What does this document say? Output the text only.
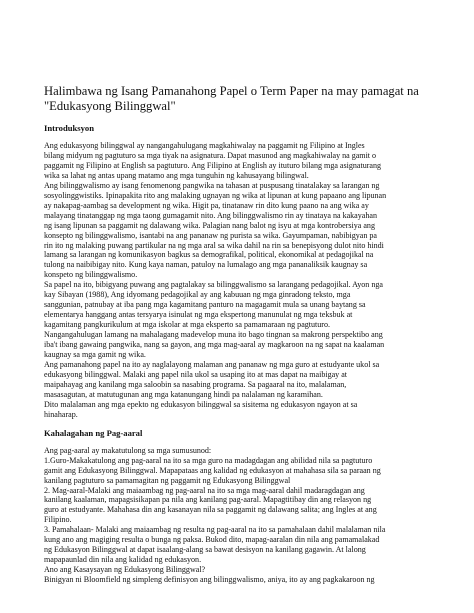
Halimbawa ng Isang Pamanahong Papel o Term Paper na may pamagat na "Edukasyong Bilinggwal"
Introduksyon

Ang edukasyong bilinggwal ay nangangahulugang magkahiwalay na paggamit ng Filipino at Ingles
bilang midyum ng pagtuturo sa mga tiyak na asignatura. Dapat masunod ang magkahiwalay na gamit o
paggamit ng Filipino at English sa pagtuturo. Ang Filipino at English ay ituturo bilang mga asignaturang
wika sa lahat ng antas upang matamo ang mga tunguhin ng kahusayang bilingwal.
Ang bilinggwalismo ay isang fenomenong pangwika na tahasan at puspusang tinatalakay sa larangan ng
sosyolinggwistiks. Ipinapakita rito ang malaking ugnayan ng wika at lipunan at kung papaano ang lipunan
ay nakapag-aambag sa development ng wika. Higit pa, tinatanaw rin dito kung paano na ang wika ay
malayang tinatanggap ng mga taong gumagamit nito. Ang bilinggwalismo rin ay tinataya na kakayahan
ng isang lipunan sa paggamit ng dalawang wika. Palagian nang balot ng isyu at mga kontrobersiya ang
konsepto ng bilinggwalismo, isantabi na ang pananaw ng purista sa wika. Gayumpaman, nabibigyan pa
rin ito ng malaking puwang partikular na ng mga aral sa wika dahil na rin sa benepisyong dulot nito hindi
lamang sa larangan ng komunikasyon bagkus sa demografikal, political, ekonomikal at pedagojikal na
tulong na naibibigay nito. Kung kaya naman, patuloy na lumalago ang mga pananaliksik kaugnay sa
konspeto ng bilinggwalismo.
Sa papel na ito, bibigyang puwang ang pagtalakay sa bilinggwalismo sa larangang pedagojikal. Ayon nga
kay Sibayan (1988), Ang idyomang pedagojikal ay ang kabuuan ng mga ginradong teksto, mga
sanggunian, patnubay at iba pang mga kagamitang panturo na magagamit mula sa unang baytang sa
elementarya hanggang antas tersyarya isinulat ng mga ekspertong manunulat ng mga teksbuk at
kagamitang pangkurikulum at mga iskolar at mga eksperto sa pamamaraan ng pagtuturo.
Nangangahulugan lamang na mahalagang madevelop muna ito bago tingnan sa makrong perspektibo ang
iba't ibang gawaing pangwika, nang sa gayon, ang mga mag-aaral ay magkaroon na ng sapat na kaalaman
kaugnay sa mga gamit ng wika.
Ang pamanahong papel na ito ay naglalayong malaman ang pananaw ng mga guro at estudyante ukol sa
edukasyong bilinggwal. Malaki ang papel nila ukol sa usaping ito at mas dapat na maibigay at
maipahayag ang kanilang mga saloobin sa nasabing programa. Sa pagaaral na ito, malalaman,
masasagutan, at matutugunan ang mga katanungang hindi pa nalalaman ng karamihan.
Dito malalaman ang mga epekto ng edukasyon bilinggwal sa sisitema ng edukasyon ngayon at sa
hinaharap.

Kahalagahan ng Pag-aaral

Ang pag-aaral ay makatutulong sa mga sumusunod:
1.Guro-Makakatulong ang pag-aaral na ito sa mga guro na madagdagan ang abilidad nila sa pagtuturo
gamit ang Edukasyong Bilinggwal. Mapapataas ang kalidad ng edukasyon at mahahasa sila sa paraan ng
kanilang pagtuturo sa pamamagitan ng paggamit ng Edukasyong Bilinggwal
2. Mag-aaral-Malaki ang maiaambag ng pag-aaral na ito sa mga mag-aaral dahil madaragdagan ang
kanilang kaalaman, mapagsisikapan pa nila ang kanilang pag-aaral. Mapagtitibay din ang relasyon ng
guro at estudyante. Mahahasa din ang kasanayan nila sa paggamit ng dalawang salita; ang Ingles at ang
Filipino.
3. Pamahalaan- Malaki ang maiaambag ng resulta ng pag-aaral na ito sa pamahalaan dahil malalaman nila
kung ano ang magiging resulta o bunga ng paksa. Bukod dito, mapag-aaralan din nila ang pamamalakad
ng Edukasyon Bilinggwal at dapat isaalang-alang sa bawat desisyon na kanilang gagawin. At lalong
mapapaunlad din nila ang kalidad ng edukasyon.
Ano ang Kasaysayan ng Edukasyong Bilinggwal?
Binigyan ni Bloomfield ng simpleng definisyon ang bilinggwalismo, aniya, ito ay ang pagkakaroon ng
